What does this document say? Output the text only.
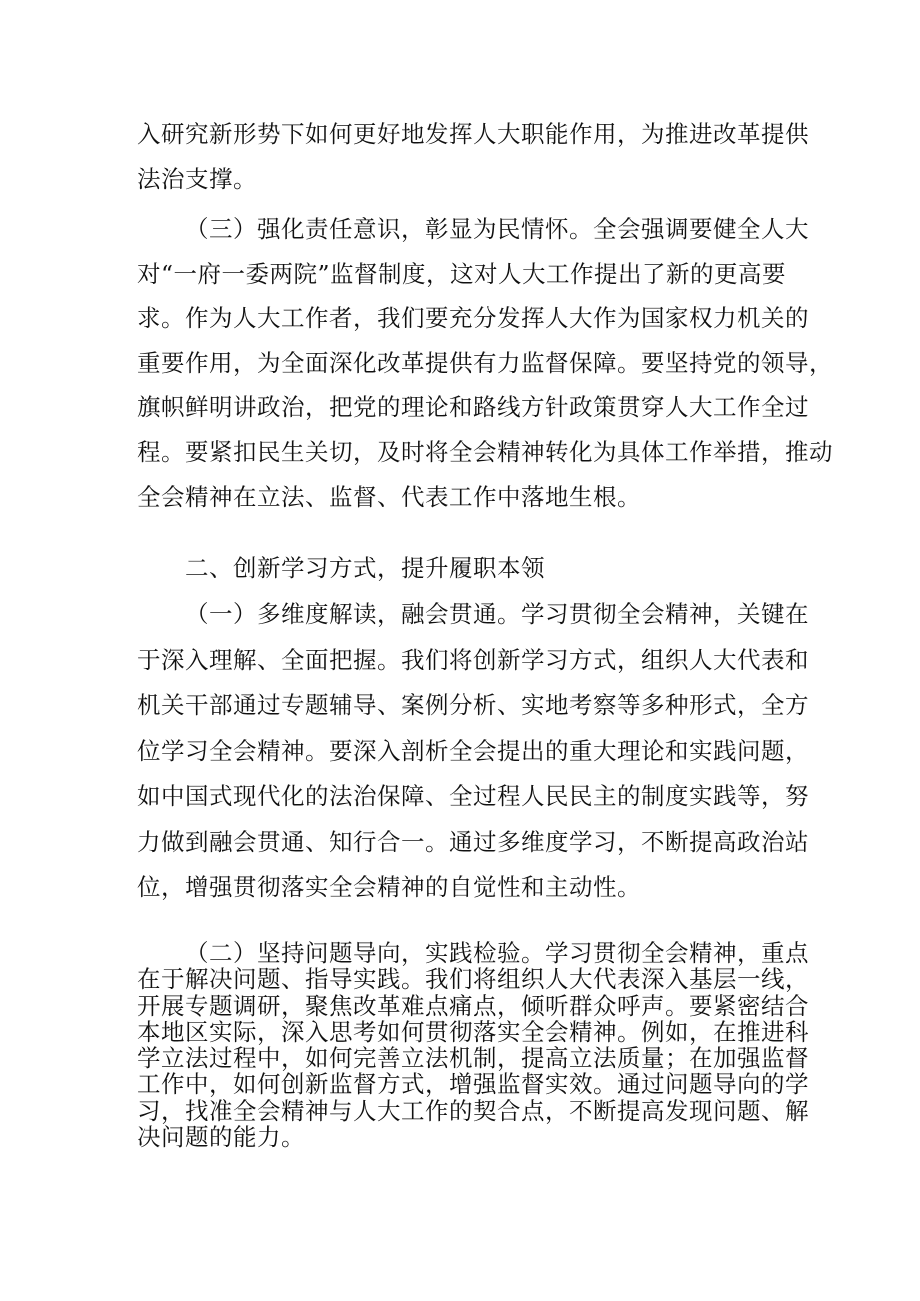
入研究新形势下如何更好地发挥人大职能作用，为推进改革提供
法治支撑。
（三）强化责任意识，彰显为民情怀。全会强调要健全人大
对“一府一委两院”监督制度，这对人大工作提出了新的更高要
求。作为人大工作者，我们要充分发挥人大作为国家权力机关的
重要作用，为全面深化改革提供有力监督保障。要坚持党的领导，
旗帜鲜明讲政治，把党的理论和路线方针政策贯穿人大工作全过
程。要紧扣民生关切，及时将全会精神转化为具体工作举措，推动
全会精神在立法、监督、代表工作中落地生根。
二、创新学习方式，提升履职本领
（一）多维度解读，融会贯通。学习贯彻全会精神，关键在
于深入理解、全面把握。我们将创新学习方式，组织人大代表和
机关干部通过专题辅导、案例分析、实地考察等多种形式，全方
位学习全会精神。要深入剖析全会提出的重大理论和实践问题，
如中国式现代化的法治保障、全过程人民民主的制度实践等，努
力做到融会贯通、知行合一。通过多维度学习，不断提高政治站
位，增强贯彻落实全会精神的自觉性和主动性。
（二）坚持问题导向，实践检验。学习贯彻全会精神，重点
在于解决问题、指导实践。我们将组织人大代表深入基层一线，
开展专题调研，聚焦改革难点痛点，倾听群众呼声。要紧密结合
本地区实际，深入思考如何贯彻落实全会精神。例如，在推进科
学立法过程中，如何完善立法机制，提高立法质量；在加强监督
工作中，如何创新监督方式，增强监督实效。通过问题导向的学
习，找准全会精神与人大工作的契合点，不断提高发现问题、解
决问题的能力。
